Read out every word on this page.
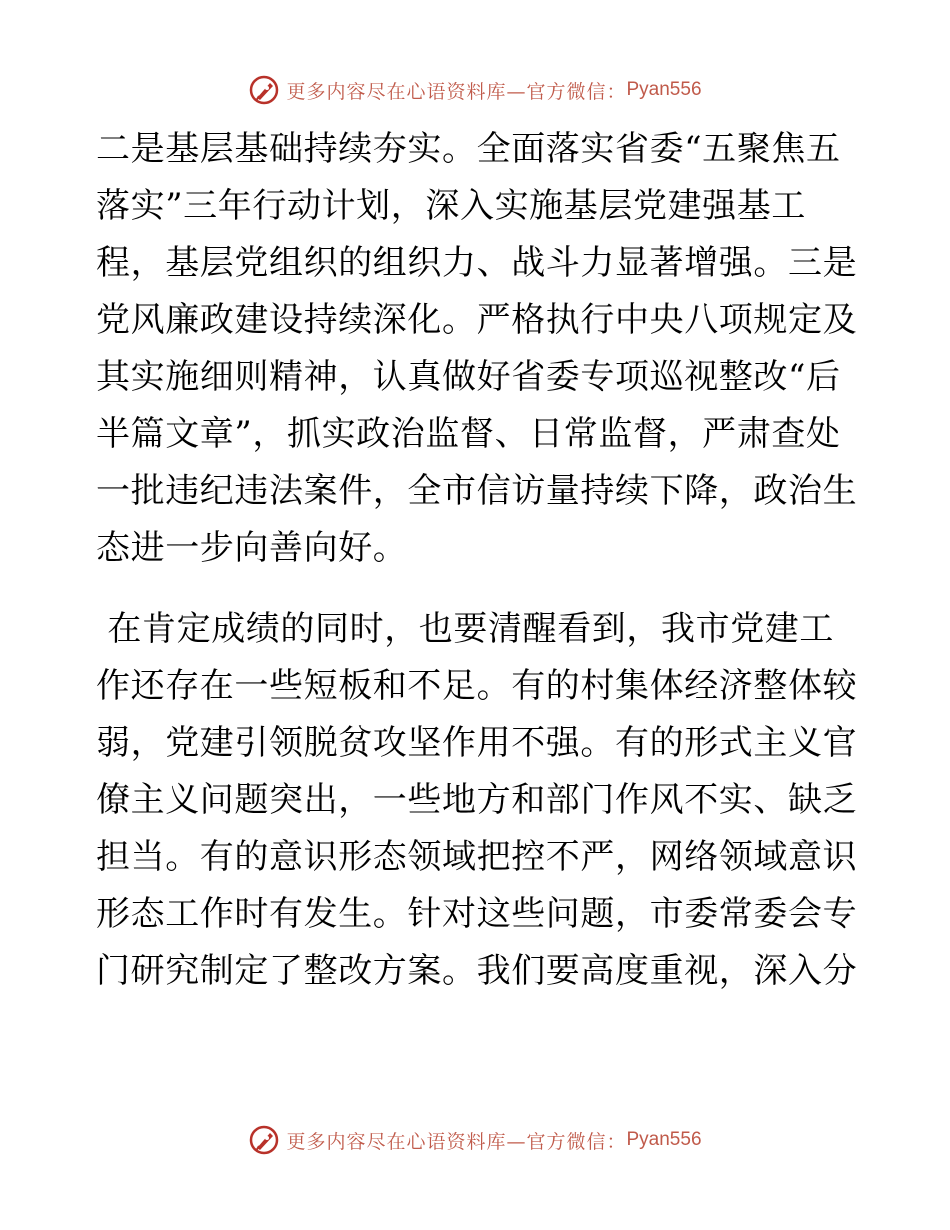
更多内容尽在心语资料库—官方微信： Pyan556
二是基层基础持续夯实。全面落实省委“五聚焦五
落实”三年行动计划，深入实施基层党建强基工
程，基层党组织的组织力、战斗力显著增强。三是
党风廉政建设持续深化。严格执行中央八项规定及
其实施细则精神，认真做好省委专项巡视整改“后
半篇文章”，抓实政治监督、日常监督，严肃查处
一批违纪违法案件，全市信访量持续下降，政治生
态进一步向善向好。
在肯定成绩的同时，也要清醒看到，我市党建工
作还存在一些短板和不足。有的村集体经济整体较
弱，党建引领脱贫攻坚作用不强。有的形式主义官
僚主义问题突出，一些地方和部门作风不实、缺乏
担当。有的意识形态领域把控不严，网络领域意识
形态工作时有发生。针对这些问题，市委常委会专
门研究制定了整改方案。我们要高度重视，深入分
更多内容尽在心语资料库—官方微信： Pyan556
